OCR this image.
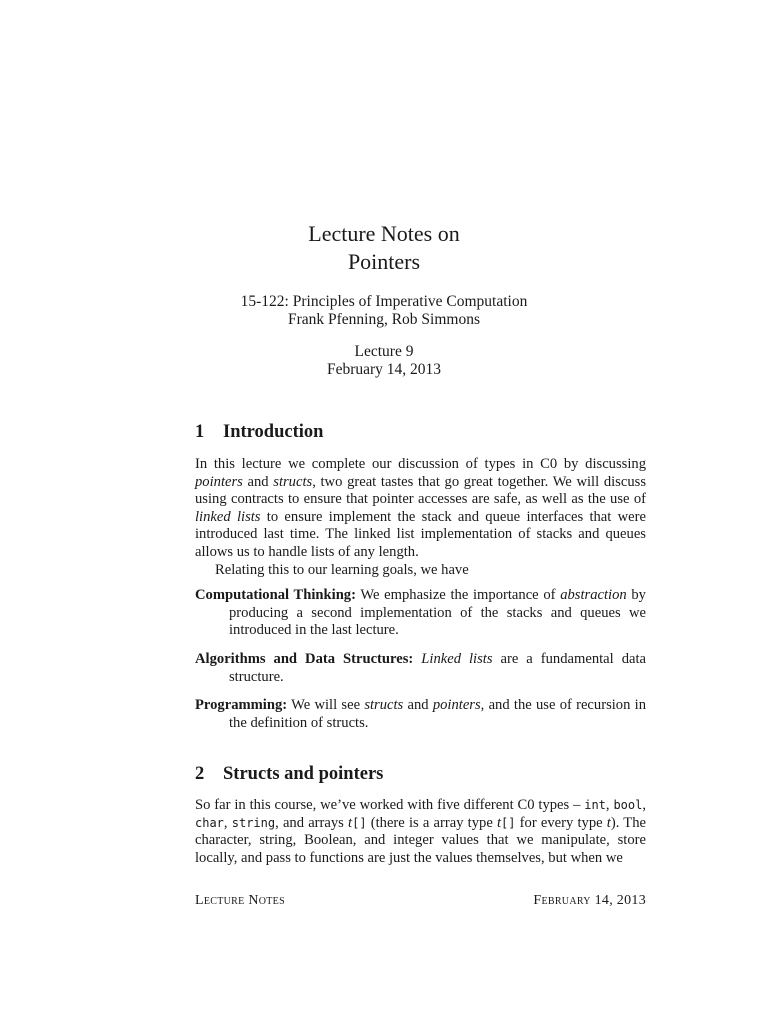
Lecture Notes on

Pointers

15-122: Principles of Imperative Computation
Frank Pfenning, Rob Simmons
Lecture 9
February 14, 2013
1 Introduction

In this lecture we complete our discussion of types in C0 by discussing pointers and structs, two great tastes that go great together. We will discuss using contracts to ensure that pointer accesses are safe, as well as the use of linked lists to ensure implement the stack and queue interfaces that were introduced last time. The linked list implementation of stacks and queues allows us to handle lists of any length.

Relating this to our learning goals, we have

Computational Thinking: We emphasize the importance of abstraction by producing a second implementation of the stacks and queues we introduced in the last lecture.

Algorithms and Data Structures: Linked lists are a fundamental data structure.

Programming: We will see structs and pointers, and the use of recursion in the definition of structs.

2 Structs and pointers

So far in this course, we’ve worked with five different C0 types – int, bool, char, string, and arrays t[] (there is a array type t[] for every type t). The character, string, Boolean, and integer values that we manipulate, store locally, and pass to functions are just the values themselves, but when we

Lecture Notes	February 14, 2013
